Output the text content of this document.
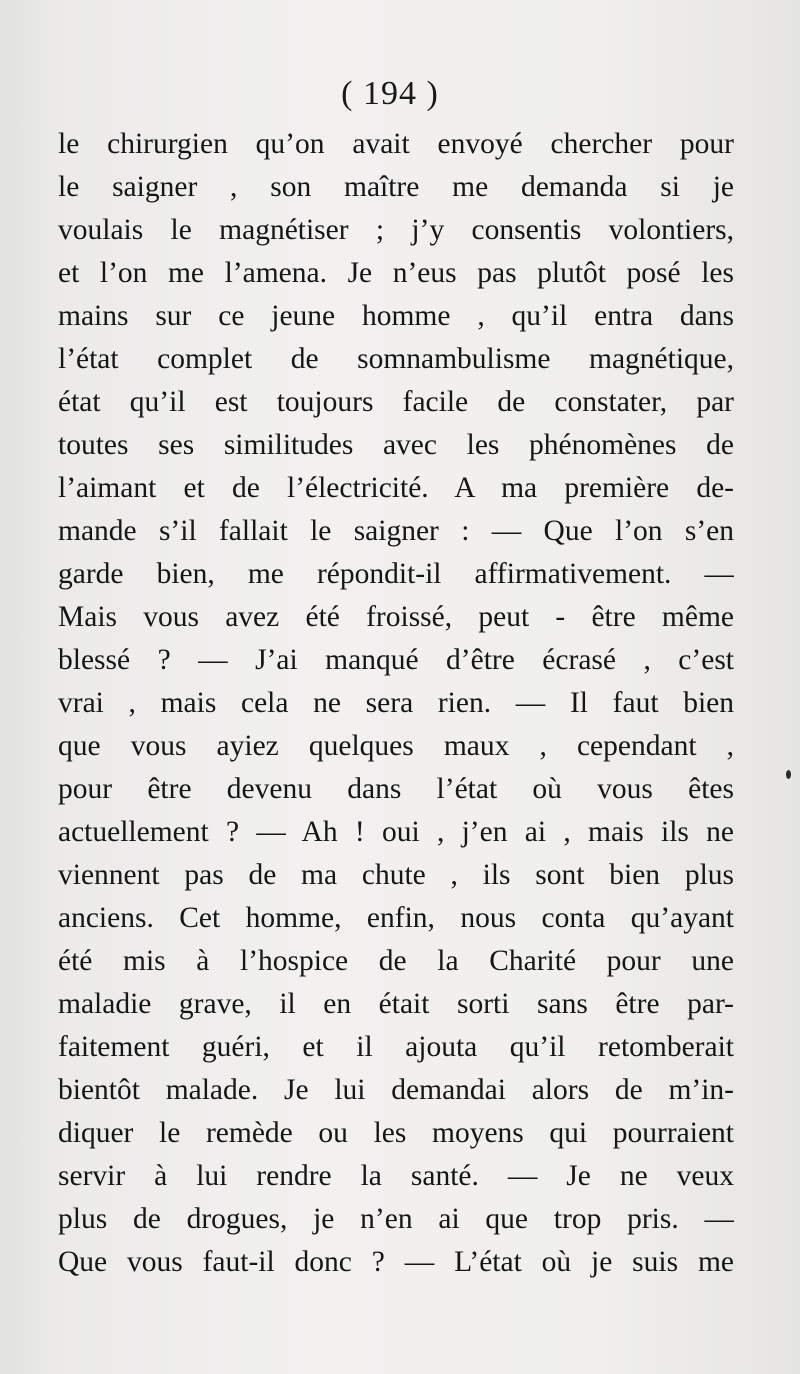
( 194 )
le chirurgien qu’on avait envoyé chercher pour
le saigner , son maître me demanda si je
voulais le magnétiser ; j’y consentis volontiers,
et l’on me l’amena. Je n’eus pas plutôt posé les
mains sur ce jeune homme , qu’il entra dans
l’état complet de somnambulisme magnétique,
état qu’il est toujours facile de constater, par
toutes ses similitudes avec les phénomènes de
l’aimant et de l’électricité. A ma première de-
mande s’il fallait le saigner : — Que l’on s’en
garde bien, me répondit-il affirmativement. —
Mais vous avez été froissé, peut - être même
blessé ? — J’ai manqué d’être écrasé , c’est
vrai , mais cela ne sera rien. — Il faut bien
que vous ayiez quelques maux , cependant ,
pour être devenu dans l’état où vous êtes
actuellement ? — Ah ! oui , j’en ai , mais ils ne
viennent pas de ma chute , ils sont bien plus
anciens. Cet homme, enfin, nous conta qu’ayant
été mis à l’hospice de la Charité pour une
maladie grave, il en était sorti sans être par-
faitement guéri, et il ajouta qu’il retomberait
bientôt malade. Je lui demandai alors de m’in-
diquer le remède ou les moyens qui pourraient
servir à lui rendre la santé. — Je ne veux
plus de drogues, je n’en ai que trop pris. —
Que vous faut-il donc ? — L’état où je suis me
